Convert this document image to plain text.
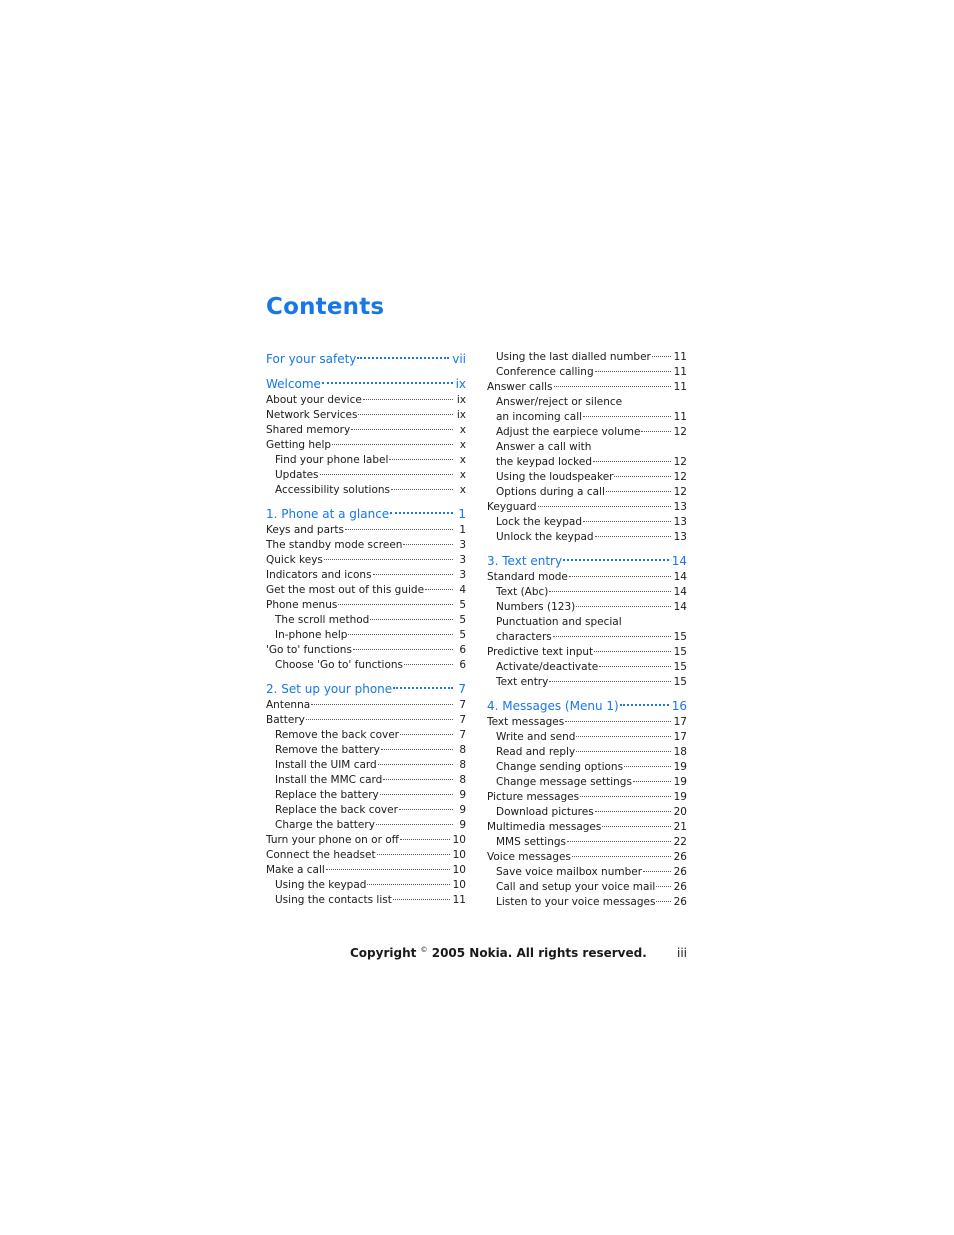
Contents
For your safety	vii
Welcome	ix
About your device	ix
Network Services	ix
Shared memory	x
Getting help	x
Find your phone label	x
Updates	x
Accessibility solutions	x
1. Phone at a glance	1
Keys and parts	1
The standby mode screen	3
Quick keys	3
Indicators and icons	3
Get the most out of this guide	4
Phone menus	5
The scroll method	5
In-phone help	5
'Go to' functions	6
Choose 'Go to' functions	6
2. Set up your phone	7
Antenna	7
Battery	7
Remove the back cover	7
Remove the battery	8
Install the UIM card	8
Install the MMC card	8
Replace the battery	9
Replace the back cover	9
Charge the battery	9
Turn your phone on or off	10
Connect the headset	10
Make a call	10
Using the keypad	10
Using the contacts list	11
Using the last dialled number 11
Conference calling	11
Answer calls	11
Answer/reject or silence
an incoming call	11
Adjust the earpiece volume	12
Answer a call with
the keypad locked	12
Using the loudspeaker	12
Options during a call	12
Keyguard	13
Lock the keypad	13
Unlock the keypad	13
3. Text entry	14
Standard mode	14
Text (Abc)	14
Numbers (123)	14
Punctuation and special
characters	15
Predictive text input	15
Activate/deactivate	15
Text entry	15
4. Messages (Menu 1)	16
Text messages	17
Write and send	17
Read and reply	18
Change sending options	19
Change message settings	19
Picture messages	19
Download pictures	20
Multimedia messages	21
MMS settings	22
Voice messages	26
Save voice mailbox number	26
Call and setup your voice mail 26
Listen to your voice messages 26
Copyright © 2005 Nokia. All rights reserved.	iii
